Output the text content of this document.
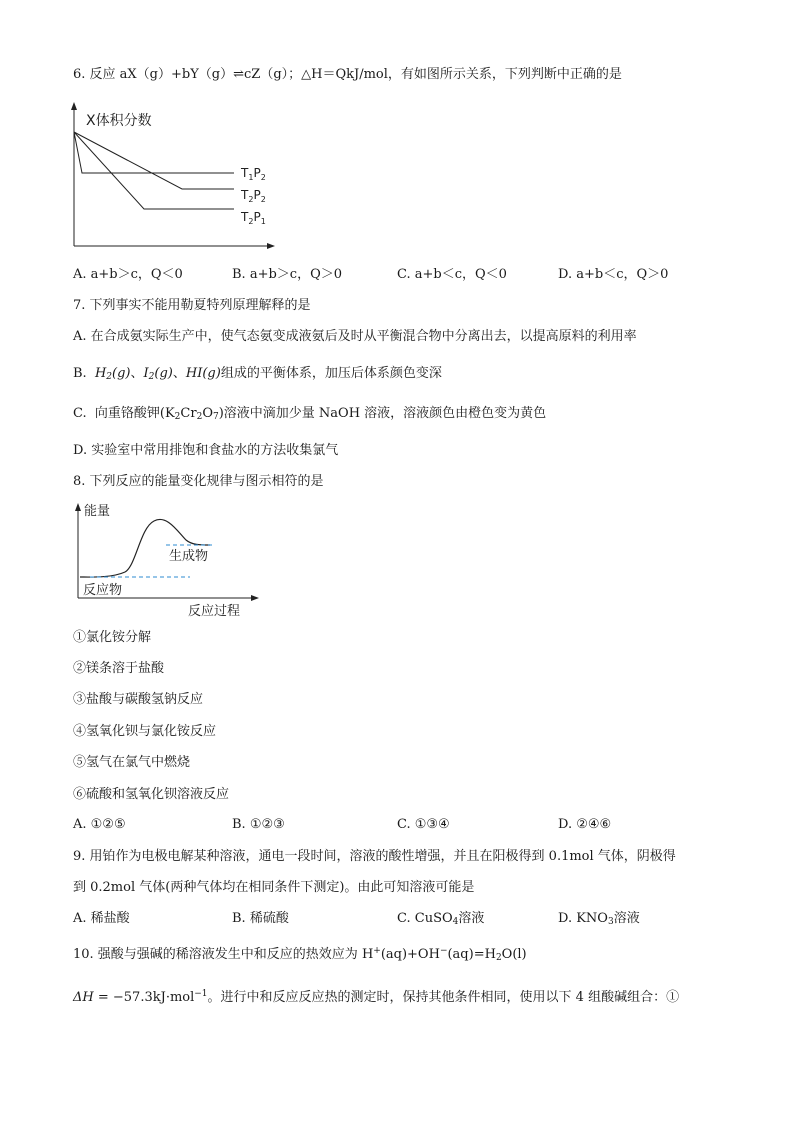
6. 反应 aX（g）+bY（g）⇌cZ（g）；△H＝QkJ/mol，有如图所示关系，下列判断中正确的是
X体积分数
$T_1P_2$
$T_2P_2$
$T_2P_1$
A. a+b＞c，Q＜0	B. a+b＞c，Q＞0	C. a+b＜c，Q＜0	D. a+b＜c，Q＞0
7. 下列事实不能用勒夏特列原理解释的是
A. 在合成氨实际生产中，使气态氨变成液氨后及时从平衡混合物中分离出去，以提高原料的利用率
B.  $H_2(g)$、$I_2(g)$、HI(g)组成的平衡体系，加压后体系颜色变深
C.  向重铬酸钾$(K_2Cr_2O_7)$溶液中滴加少量 NaOH 溶液，溶液颜色由橙色变为黄色
D. 实验室中常用排饱和食盐水的方法收集氯气
8. 下列反应的能量变化规律与图示相符的是
能量
生成物
反应物
反应过程
①氯化铵分解
②镁条溶于盐酸
③盐酸与碳酸氢钠反应
④氢氧化钡与氯化铵反应
⑤氢气在氯气中燃烧
⑥硫酸和氢氧化钡溶液反应
A. ①②⑤	B. ①②③	C. ①③④	D. ②④⑥
9. 用铂作为电极电解某种溶液，通电一段时间，溶液的酸性增强，并且在阳极得到 0.1mol 气体，阴极得
到 0.2mol 气体(两种气体均在相同条件下测定)。由此可知溶液可能是
A. 稀盐酸	B. 稀硫酸	C. CuSO$_4$溶液	D. $KNO_3$溶液
10. 强酸与强碱的稀溶液发生中和反应的热效应为 $H^+(aq)+OH^-(aq)=H_2O(l)$
ΔH = −57.3kJ·mol$^{-1}$。进行中和反应反应热的测定时，保持其他条件相同，使用以下 4 组酸碱组合：①
